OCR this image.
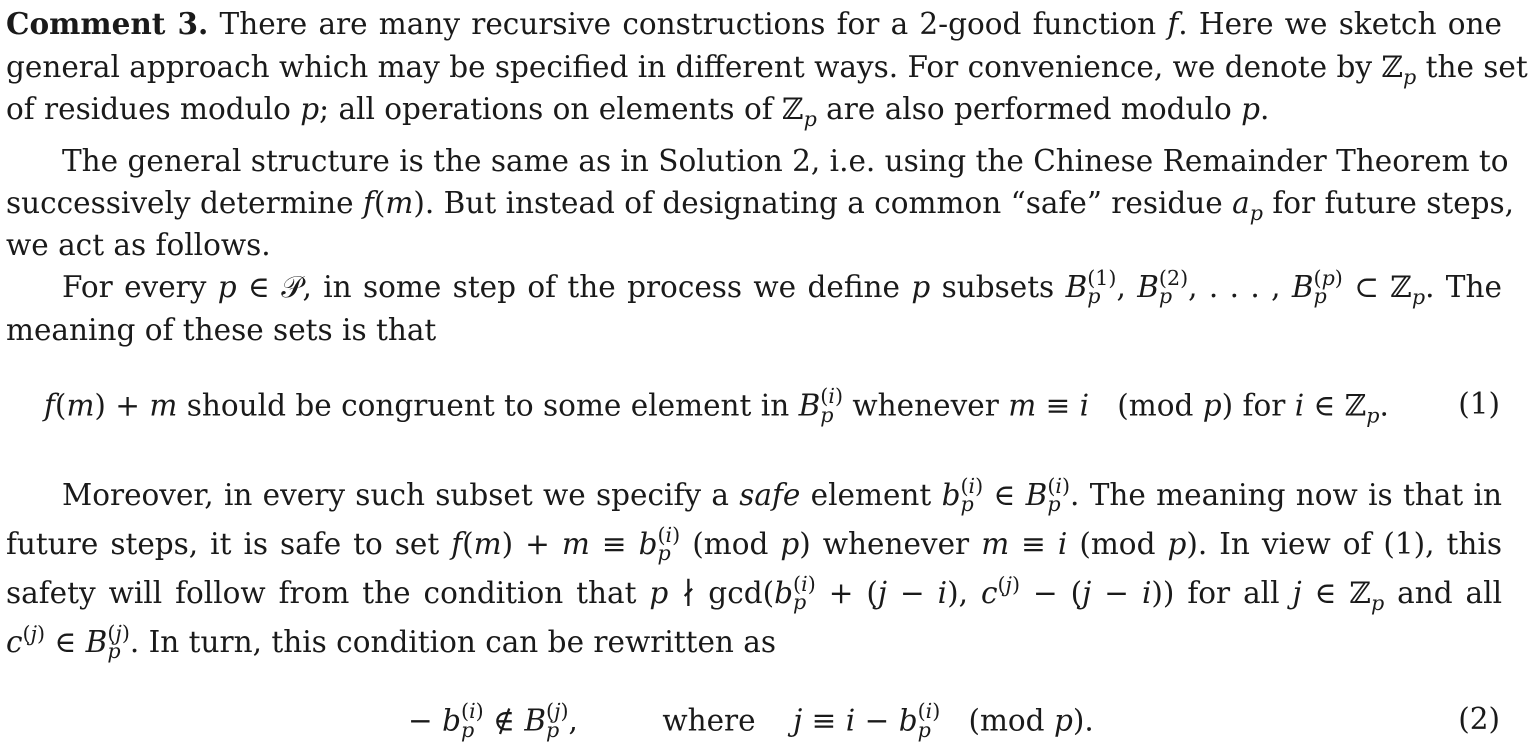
Comment 3. There are many recursive constructions for a 2-good function f. Here we sketch one
general approach which may be specified in different ways. For convenience, we denote by ℤ$_p$ the set
of residues modulo p; all operations on elements of ℤ$_p$ are also performed modulo p.
The general structure is the same as in Solution 2, i.e. using the Chinese Remainder Theorem to
successively determine f(m). But instead of designating a common “safe” residue $a_p$ for future steps,
we act as follows.
For every p ∈ 𝒫, in some step of the process we define p subsets B (1)
p , B (2)
p , . . . , B (p)
p ⊂ ℤ$_p$. The
meaning of these sets is that
f(m) + m should be congruent to some element in B (i)
p whenever m ≡ i   (mod p) for i ∈ ℤ$_p$. (1)
Moreover, in every such subset we specify a safe element b (i)
p ∈ B (i)
p . The meaning now is that in
future steps, it is safe to set f(m) + m ≡ b (i)
p (mod p) whenever m ≡ i (mod p). In view of (1), this
safety will follow from the condition that p ∤ gcd(b (i)
p + (j − i), $c^{(j)} - (j - i)$) for all j ∈ ℤ$_p$ and all
$c^{(j)}$ ∈ B (j)
p . In turn, this condition can be rewritten as
− b (i)
p ∉ B (j)
p ,         where j ≡ i − b (i)
p (mod p).	(2)
